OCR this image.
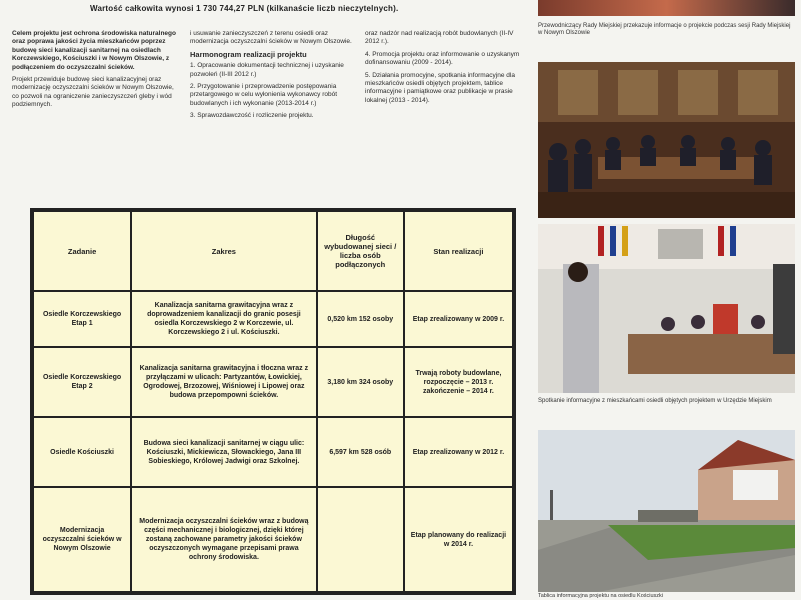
Wartość całkowita wynosi 1 730 744,27 PLN (kilkanaście liczb nieczytelnych).

Celem projektu jest ochrona środowiska naturalnego oraz poprawa jakości życia mieszkańców poprzez budowę sieci kanalizacji sanitarnej na osiedlach Korczewskiego, Kościuszki i w Nowym Olszowie, z podłączeniem do oczyszczalni ścieków.

Projekt przewiduje budowę sieci kanalizacyjnej oraz modernizację oczyszczalni ścieków w Nowym Olszowie, co pozwoli na ograniczenie zanieczyszczeń gleby i wód podziemnych.

i usuwanie zanieczyszczeń z terenu osiedli oraz modernizacja oczyszczalni ścieków w Nowym Olszowie.

Harmonogram realizacji projektu

1. Opracowanie dokumentacji technicznej i uzyskanie pozwoleń (II-III 2012 r.)

2. Przygotowanie i przeprowadzenie postępowania przetargowego w celu wyłonienia wykonawcy robót budowlanych i ich wykonanie (2013-2014 r.)

3. Sprawozdawczość i rozliczenie projektu.

oraz nadzór nad realizacją robót budowlanych (II-IV 2012 r.).

4. Promocja projektu oraz informowanie o uzyskanym dofinansowaniu (2009 - 2014).

5. Działania promocyjne, spotkania informacyjne dla mieszkańców osiedli objętych projektem, tablice informacyjne i pamiątkowe oraz publikacje w prasie lokalnej (2013 - 2014).

Zadanie	Zakres	Długość wybudowanej sieci / liczba osób podłączonych	Stan realizacji
Osiedle Korczewskiego Etap 1	Kanalizacja sanitarna grawitacyjna wraz z doprowadzeniem kanalizacji do granic posesji osiedla Korczewskiego 2 w Korczewie, ul. Korczewskiego 2 i ul. Kościuszki.	0,520 km 152 osoby	Etap zrealizowany w 2009 r.
Osiedle Korczewskiego Etap 2	Kanalizacja sanitarna grawitacyjna i tłoczna wraz z przyłączami w ulicach: Partyzantów, Łowickiej, Ogrodowej, Brzozowej, Wiśniowej i Lipowej oraz budowa przepompowni ścieków.	3,180 km 324 osoby	Trwają roboty budowlane, rozpoczęcie – 2013 r. zakończenie – 2014 r.
Osiedle Kościuszki	Budowa sieci kanalizacji sanitarnej w ciągu ulic: Kościuszki, Mickiewicza, Słowackiego, Jana III Sobieskiego, Królowej Jadwigi oraz Szkolnej.	6,597 km 528 osób	Etap zrealizowany w 2012 r.
Modernizacja oczyszczalni ścieków w Nowym Olszowie	Modernizacja oczyszczalni ścieków wraz z budową części mechanicznej i biologicznej, dzięki której zostaną zachowane parametry jakości ścieków oczyszczonych wymagane przepisami prawa ochrony środowiska.		Etap planowany do realizacji w 2014 r.
Przewodniczący Rady Miejskiej przekazuje informacje o projekcie podczas sesji Rady Miejskiej w Nowym Olszowie
Spotkanie informacyjne z mieszkańcami osiedli objętych projektem w Urzędzie Miejskim
Tablica informacyjna projektu na osiedlu Kościuszki
